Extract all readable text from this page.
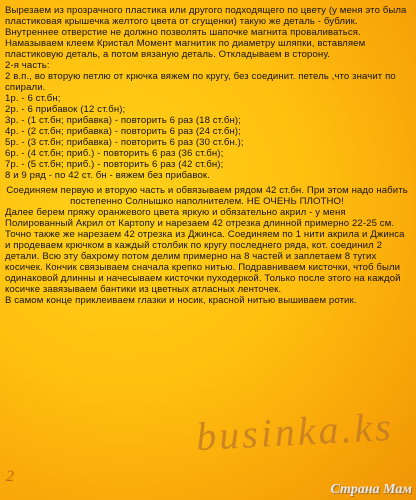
Вырезаем из прозрачного пластика или другого подходящего по цвету (у меня это была пластиковая крышечка желтого цвета от сгущенки) такую же деталь - бублик. Внутреннее отверстие не должно позволять шапочке магнита проваливаться. Намазываем клеем Кристал Момент магнитик по диаметру шляпки, вставляем пластиковую деталь, а потом вязаную деталь. Откладываем в сторону.

2-я часть:

2 в.п., во вторую петлю от крючка вяжем по кругу, без соединит. петель ,что значит по спирали.

1р. - 6 ст.бн;

2р. - 6 прибавок (12 ст.бн);

3р. - (1 ст.бн; прибавка) - повторить 6 раз (18 ст.бн);

4р. - (2 ст.бн; прибавка) - повторить 6 раз (24 ст.бн);

5р. - (3 ст.бн; прибавка) - повторить 6 раз (30 ст.бн.);

6р. - (4 ст.бн; приб.) - повторить 6 раз (36 ст.бн);

7р. - (5 ст.бн; приб.) - повторить 6 раз (42 ст.бн);

8 и 9 ряд - по 42 ст. бн - вяжем без прибавок.

Соединяем первую и вторую часть и обвязываем рядом 42 ст.бн. При этом надо набить постепенно Солнышко наполнителем. НЕ ОЧЕНЬ ПЛОТНО!

Далее берем пряжу оранжевого цвета яркую и обязательно акрил - у меня Полированный Акрил от Картопу и нарезаем 42 отрезка длинной примерно 22-25 см.

Точно также же нарезаем 42 отрезка из Джинса. Соединяем по 1 нити акрила и Джинса и продеваем крючком в каждый столбик по кругу последнего ряда, кот. соединил 2 детали. Всю эту бахрому потом делим примерно на 8 частей и заплетаем 8 тугих косичек. Кончик связываем сначала крепко нитью. Подравниваем кисточки, чтоб были одинаковой длинны и начесываем кисточки пуходеркой. Только после этого на каждой косичке завязываем бантики из цветных атласных ленточек.

В самом конце приклеиваем глазки и носик, красной нитью вышиваем ротик.

businka.ks
2
Страна Мам
